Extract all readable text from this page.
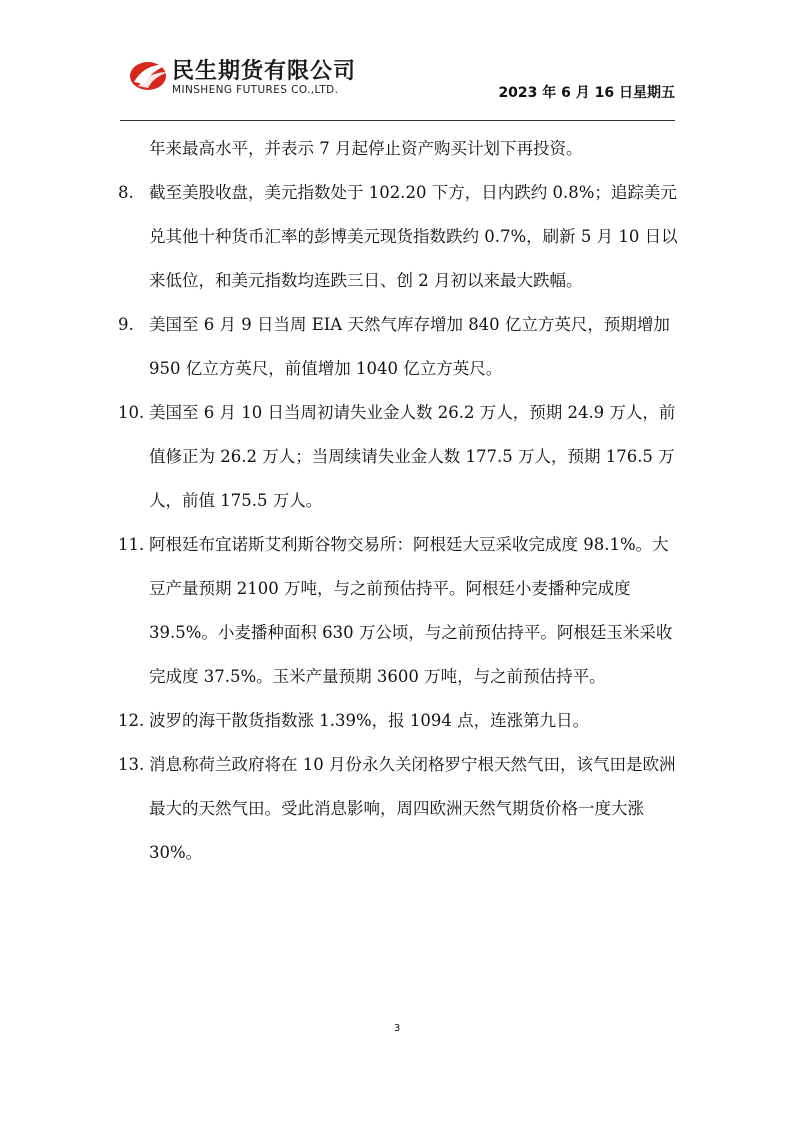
民生期货有限公司
MINSHENG FUTURES CO.,LTD.	2023 年 6 月 16 日星期五
年来最高水平，并表示 7 月起停止资产购买计划下再投资。
8. 截至美股收盘，美元指数处于 102.20 下方，日内跌约 0.8%；追踪美元兑其他十种货币汇率的彭博美元现货指数跌约 0.7%，刷新 5 月 10 日以来低位，和美元指数均连跌三日、创 2 月初以来最大跌幅。
9. 美国至 6 月 9 日当周 EIA 天然气库存增加 840 亿立方英尺，预期增加 950 亿立方英尺，前值增加 1040 亿立方英尺。
10. 美国至 6 月 10 日当周初请失业金人数 26.2 万人，预期 24.9 万人，前值修正为 26.2 万人；当周续请失业金人数 177.5 万人，预期 176.5 万人，前值 175.5 万人。
11. 阿根廷布宜诺斯艾利斯谷物交易所：阿根廷大豆采收完成度 98.1%。大豆产量预期 2100 万吨，与之前预估持平。阿根廷小麦播种完成度 39.5%。小麦播种面积 630 万公顷，与之前预估持平。阿根廷玉米采收完成度 37.5%。玉米产量预期 3600 万吨，与之前预估持平。
12. 波罗的海干散货指数涨 1.39%，报 1094 点，连涨第九日。
13. 消息称荷兰政府将在 10 月份永久关闭格罗宁根天然气田，该气田是欧洲最大的天然气田。受此消息影响，周四欧洲天然气期货价格一度大涨 30%。
3
